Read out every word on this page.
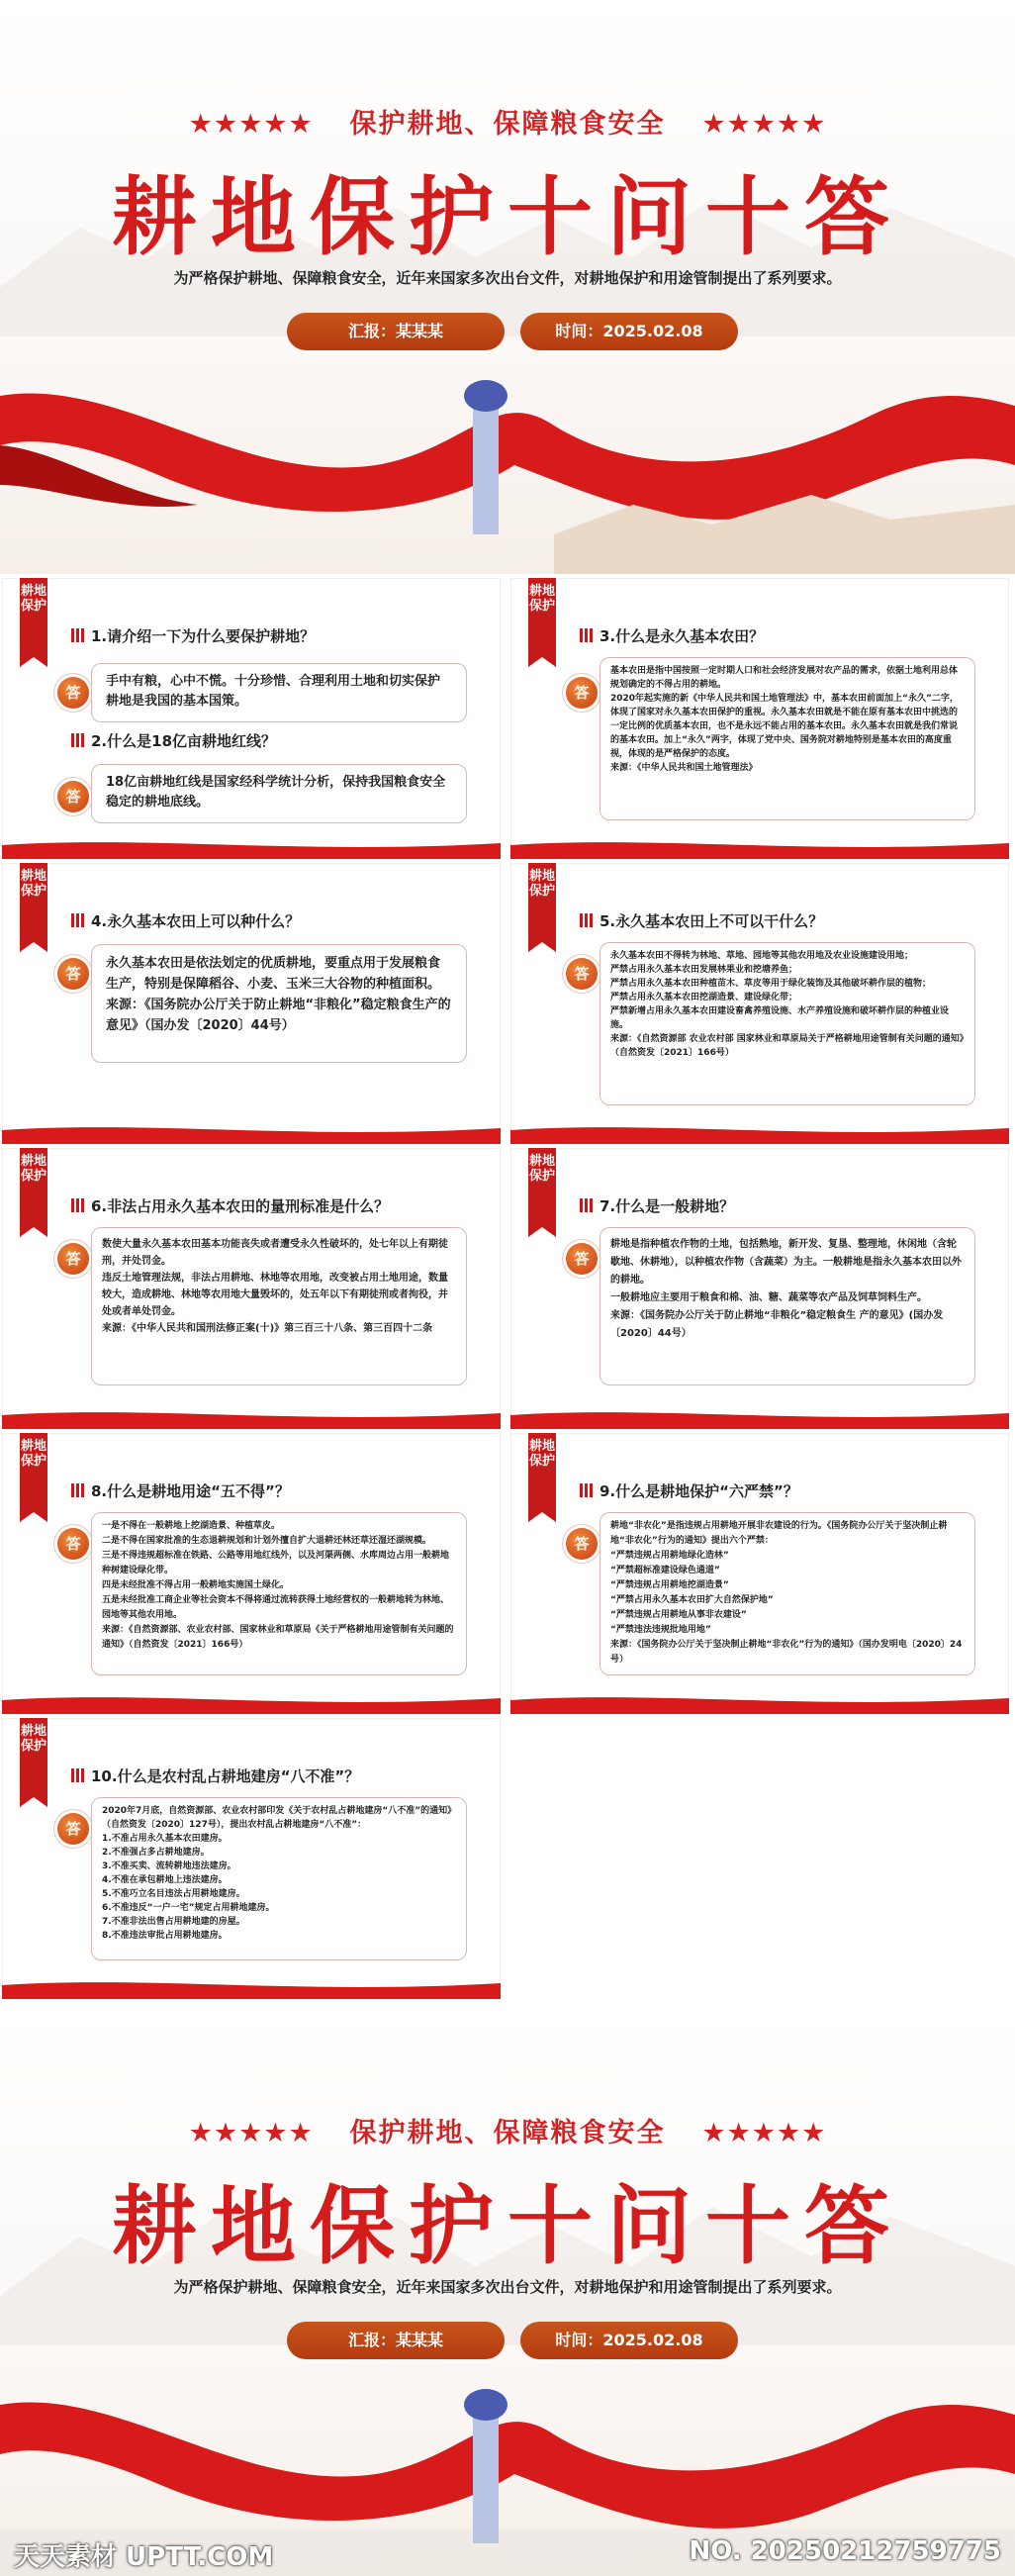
★★★★★ 保护耕地、保障粮食安全 ★★★★★
耕地保护十问十答
为严格保护耕地、保障粮食安全，近年来国家多次出台文件，对耕地保护和用途管制提出了系列要求。
汇报：某某某	时间：2025.02.08
耕地保护
1.请介绍一下为什么要保护耕地？
答

手中有粮，心中不慌。十分珍惜、合理利用土地和切实保护耕地是我国的基本国策。

2.什么是18亿亩耕地红线？
答

18亿亩耕地红线是国家经科学统计分析，保持我国粮食安全稳定的耕地底线。

耕地保护
3.什么是永久基本农田？
答

基本农田是指中国按照一定时期人口和社会经济发展对农产品的需求，依据土地利用总体规划确定的不得占用的耕地。

2020年起实施的新《中华人民共和国土地管理法》中，基本农田前面加上“永久”二字，体现了国家对永久基本农田保护的重视。永久基本农田就是不能在原有基本农田中挑选的一定比例的优质基本农田，也不是永远不能占用的基本农田。永久基本农田就是我们常说的基本农田。加上“永久”两字，体现了党中央、国务院对耕地特别是基本农田的高度重视，体现的是严格保护的态度。

来源：《中华人民共和国土地管理法》

耕地保护
4.永久基本农田上可以种什么？
答

永久基本农田是依法划定的优质耕地，要重点用于发展粮食生产，特别是保障稻谷、小麦、玉米三大谷物的种植面积。

来源：《国务院办公厅关于防止耕地“非粮化”稳定粮食生产的意见》（国办发〔2020〕44号）

耕地保护
5.永久基本农田上不可以干什么？
答

永久基本农田不得转为林地、草地、园地等其他农用地及农业设施建设用地；

严禁占用永久基本农田发展林果业和挖塘养鱼；

严禁占用永久基本农田种植苗木、草皮等用于绿化装饰及其他破坏耕作层的植物；

严禁占用永久基本农田挖湖造景、建设绿化带；

严禁新增占用永久基本农田建设畜禽养殖设施、水产养殖设施和破坏耕作层的种植业设施。

来源：《自然资源部 农业农村部 国家林业和草原局关于严格耕地用途管制有关问题的通知》（自然资发〔2021〕166号）

耕地保护
6.非法占用永久基本农田的量刑标准是什么？
答

数使大量永久基本农田基本功能丧失或者遭受永久性破坏的，处七年以上有期徒刑，并处罚金。

违反土地管理法规，非法占用耕地、林地等农用地，改变被占用土地用途，数量较大，造成耕地、林地等农用地大量毁坏的，处五年以下有期徒刑或者拘役，并处或者单处罚金。

来源：《中华人民共和国刑法修正案(十)》第三百三十八条、第三百四十二条

耕地保护
7.什么是一般耕地？
答

耕地是指种植农作物的土地，包括熟地，新开发、复垦、整理地，休闲地（含轮歇地、休耕地），以种植农作物（含蔬菜）为主。一般耕地是指永久基本农田以外的耕地。

一般耕地应主要用于粮食和棉、油、糖、蔬菜等农产品及饲草饲料生产。

来源：《国务院办公厅关于防止耕地“非粮化”稳定粮食生 产的意见》(国办发〔2020〕44号）

耕地保护
8.什么是耕地用途“五不得”？
答

一是不得在一般耕地上挖湖造景、种植草皮。

二是不得在国家批准的生态退耕规划和计划外擅自扩大退耕还林还草还湿还湖规模。

三是不得违规超标准在铁路、公路等用地红线外，以及河渠两侧、水库周边占用一般耕地种树建设绿化带。

四是未经批准不得占用一般耕地实施国土绿化。

五是未经批准工商企业等社会资本不得将通过流转获得土地经营权的一般耕地转为林地、园地等其他农用地。

来源：《自然资源部、农业农村部、国家林业和草原局《关于严格耕地用途管制有关问题的通知》（自然资发〔2021〕166号）

耕地保护
9.什么是耕地保护“六严禁”？
答

耕地“非农化”是指违规占用耕地开展非农建设的行为。《国务院办公厅关于坚决制止耕地“非农化”行为的通知》提出六个严禁：

“严禁违规占用耕地绿化造林”

“严禁超标准建设绿色通道”

“严禁违规占用耕地挖湖造景”

“严禁占用永久基本农田扩大自然保护地”

“严禁违规占用耕地从事非农建设”

“严禁违法违规批地用地”

来源：《国务院办公厅关于坚决制止耕地“非农化”行为的通知》（国办发明电〔2020〕24号）

耕地保护
10.什么是农村乱占耕地建房“八不准”？
答

2020年7月底，自然资源部、农业农村部印发《关于农村乱占耕地建房“八不准”的通知》（自然资发〔2020〕127号），提出农村乱占耕地建房“八不准”：

1.不准占用永久基本农田建房。

2.不准强占多占耕地建房。

3.不准买卖、流转耕地违法建房。

4.不准在承包耕地上违法建房。

5.不准巧立名目违法占用耕地建房。

6.不准违反“一户一宅”规定占用耕地建房。

7.不准非法出售占用耕地建的房屋。

8.不准违法审批占用耕地建房。

★★★★★ 保护耕地、保障粮食安全 ★★★★★
耕地保护十问十答
为严格保护耕地、保障粮食安全，近年来国家多次出台文件，对耕地保护和用途管制提出了系列要求。
汇报：某某某	时间：2025.02.08
天天素材 UPTT.COM	NO. 20250212759775
